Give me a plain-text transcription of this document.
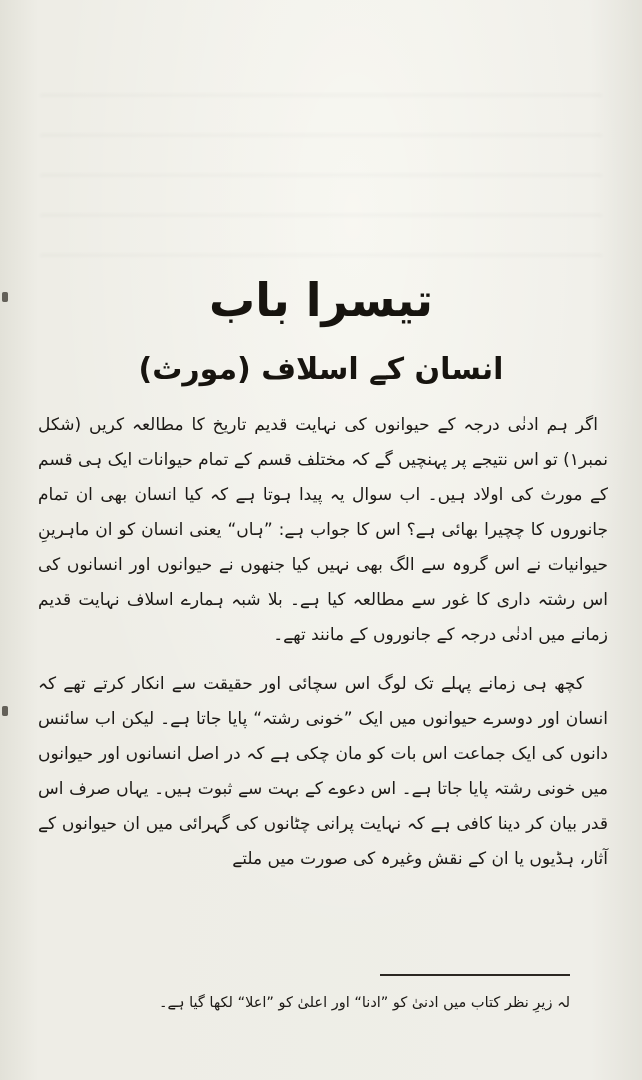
تیسرا باب
انسان کے اسلاف (مورث)

اگر ہم ادنٰی درجہ کے حیوانوں کی نہایت قدیم تاریخ کا مطالعہ کریں (شکل نمبر۱) تو اس نتیجے پر پہنچیں گے کہ مختلف قسم کے تمام حیوانات ایک ہی قسم کے مورث کی اولاد ہیں۔ اب سوال یہ پیدا ہوتا ہے کہ کیا انسان بھی ان تمام جانوروں کا چچیرا بھائی ہے؟ اس کا جواب ہے: ”ہاں“ یعنی انسان کو ان ماہرینِ حیوانیات نے اس گروہ سے الگ بھی نہیں کیا جنھوں نے حیوانوں اور انسانوں کی اس رشتہ داری کا غور سے مطالعہ کیا ہے۔ بلا شبہ ہمارے اسلاف نہایت قدیم زمانے میں ادنٰی درجہ کے جانوروں کے مانند تھے۔

کچھ ہی زمانے پہلے تک لوگ اس سچائی اور حقیقت سے انکار کرتے تھے کہ انسان اور دوسرے حیوانوں میں ایک ”خونی رشتہ“ پایا جاتا ہے۔ لیکن اب سائنس دانوں کی ایک جماعت اس بات کو مان چکی ہے کہ در اصل انسانوں اور حیوانوں میں خونی رشتہ پایا جاتا ہے۔ اس دعوے کے بہت سے ثبوت ہیں۔ یہاں صرف اس قدر بیان کر دینا کافی ہے کہ نہایت پرانی چٹانوں کی گہرائی میں ان حیوانوں کے آثار، ہڈیوں یا ان کے نقش وغیرہ کی صورت میں ملتے

لہ زیرِ نظر کتاب میں ادنیٰ کو ”ادنا“ اور اعلیٰ کو ”اعلا“ لکھا گیا ہے۔
